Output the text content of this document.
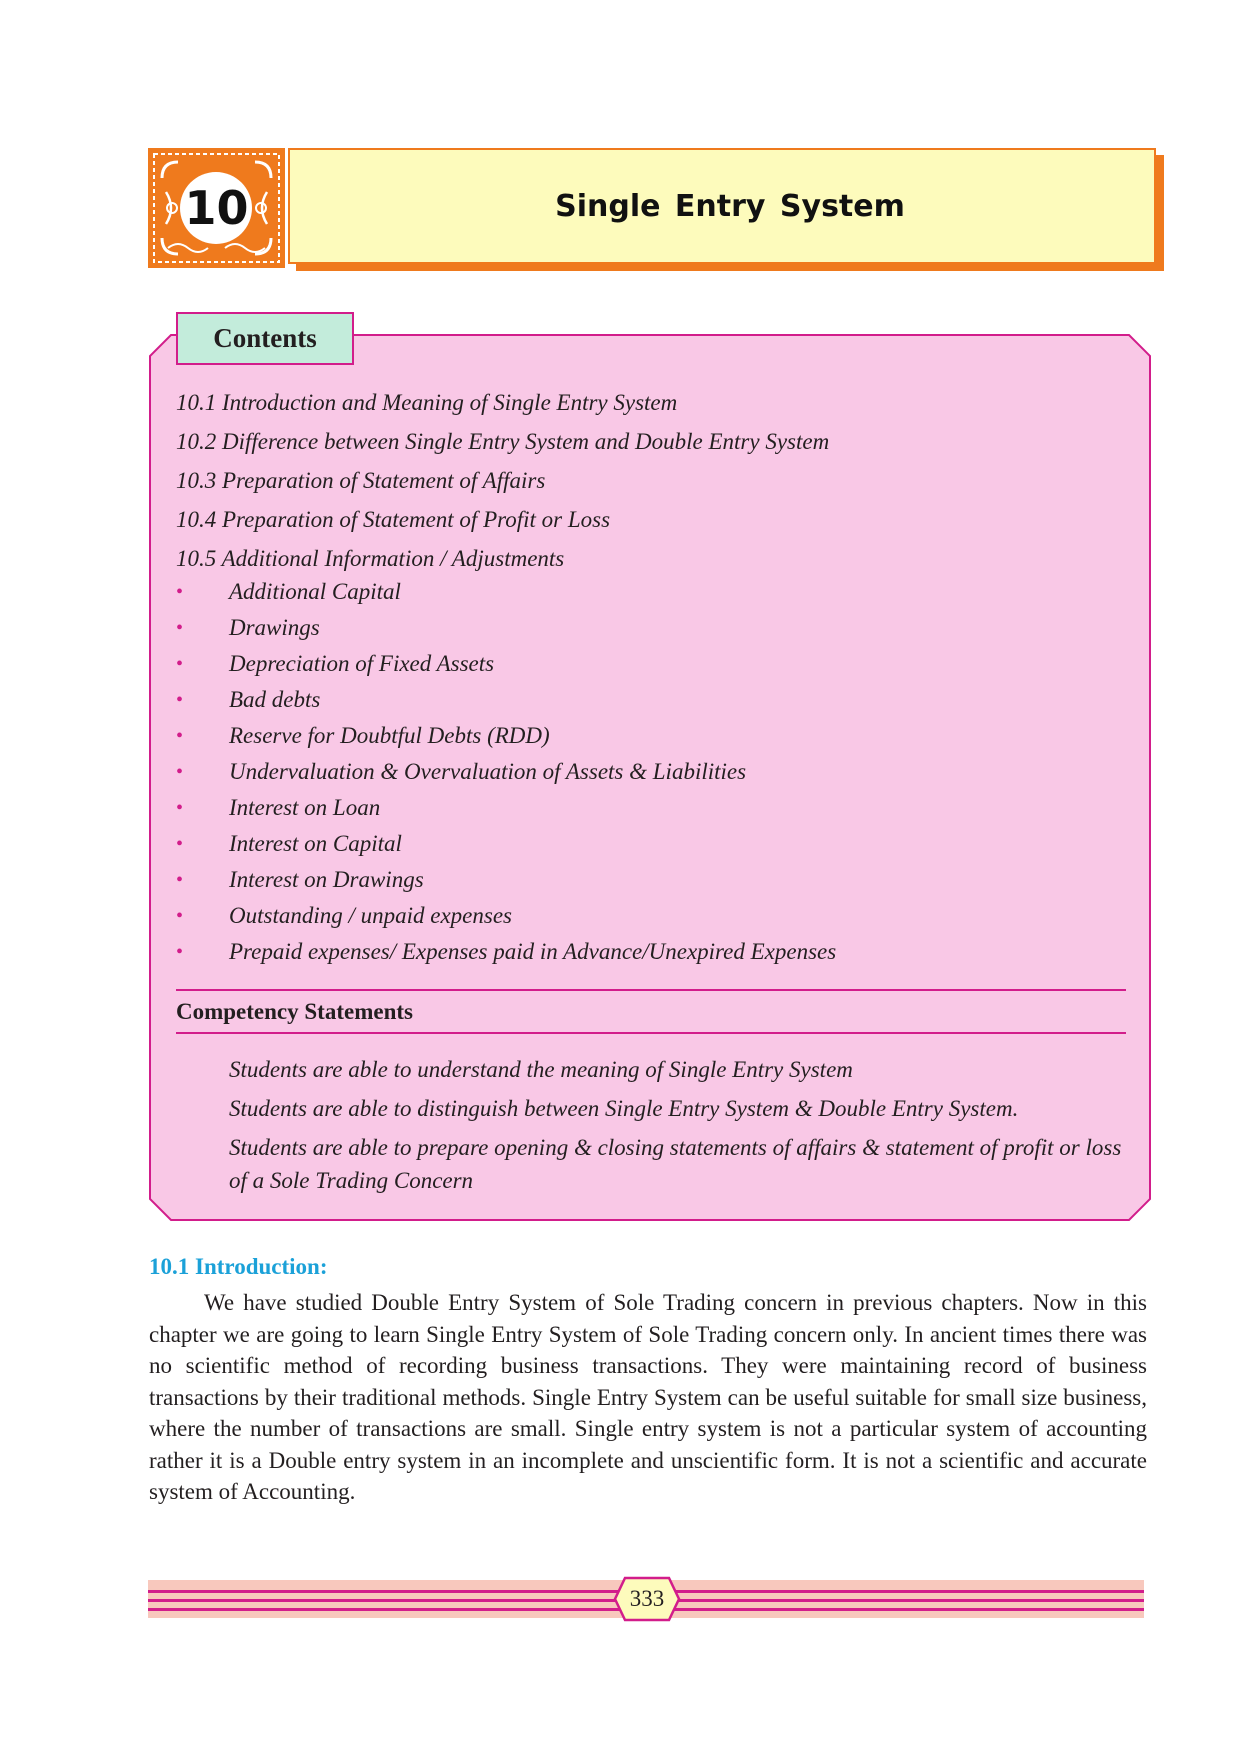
10	Single Entry System
Contents
10.1 Introduction and Meaning of Single Entry System
10.2 Difference between Single Entry System and Double Entry System
10.3 Preparation of Statement of Affairs
10.4 Preparation of Statement of Profit or Loss
10.5 Additional Information / Adjustments
• Additional Capital
• Drawings
• Depreciation of Fixed Assets
• Bad debts
• Reserve for Doubtful Debts (RDD)
• Undervaluation & Overvaluation of Assets & Liabilities
• Interest on Loan
• Interest on Capital
• Interest on Drawings
• Outstanding / unpaid expenses
• Prepaid expenses/ Expenses paid in Advance/Unexpired Expenses
Competency Statements
Students are able to understand the meaning of Single Entry System
Students are able to distinguish between Single Entry System & Double Entry System.
Students are able to prepare opening & closing statements of affairs & statement of profit or loss of a Sole Trading Concern
10.1 Introduction:

We have studied Double Entry System of Sole Trading concern in previous chapters. Now in this chapter we are going to learn Single Entry System of Sole Trading concern only. In ancient times there was no scientific method of recording business transactions. They were maintaining record of business transactions by their traditional methods. Single Entry System can be useful suitable for small size business, where the number of transactions are small. Single entry system is not a particular system of accounting rather it is a Double entry system in an incomplete and unscientific form. It is not a scientific and accurate system of Accounting.

333
